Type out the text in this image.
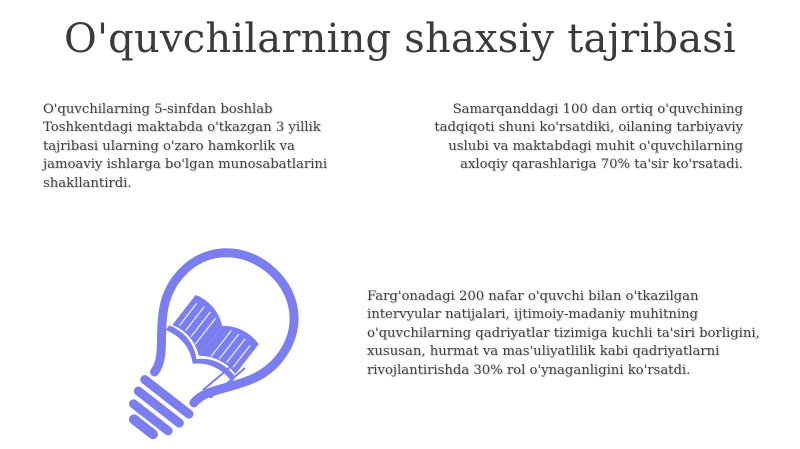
O'quvchilarning shaxsiy tajribasi
O'quvchilarning 5-sinfdan boshlab Toshkentdagi maktabda o'tkazgan 3 yillik tajribasi ularning o'zaro hamkorlik va jamoaviy ishlarga bo'lgan munosabatlarini shakllantirdi.
Samarqanddagi 100 dan ortiq o'quvchining tadqiqoti shuni ko'rsatdiki, oilaning tarbiyaviy uslubi va maktabdagi muhit o'quvchilarning axloqiy qarashlariga 70% ta'sir ko'rsatadi.
Farg'onadagi 200 nafar o'quvchi bilan o'tkazilgan intervyular natijalari, ijtimoiy-madaniy muhitning o'quvchilarning qadriyatlar tizimiga kuchli ta'siri borligini, xususan, hurmat va mas'uliyatlilik kabi qadriyatlarni rivojlantirishda 30% rol o'ynaganligini ko'rsatdi.
